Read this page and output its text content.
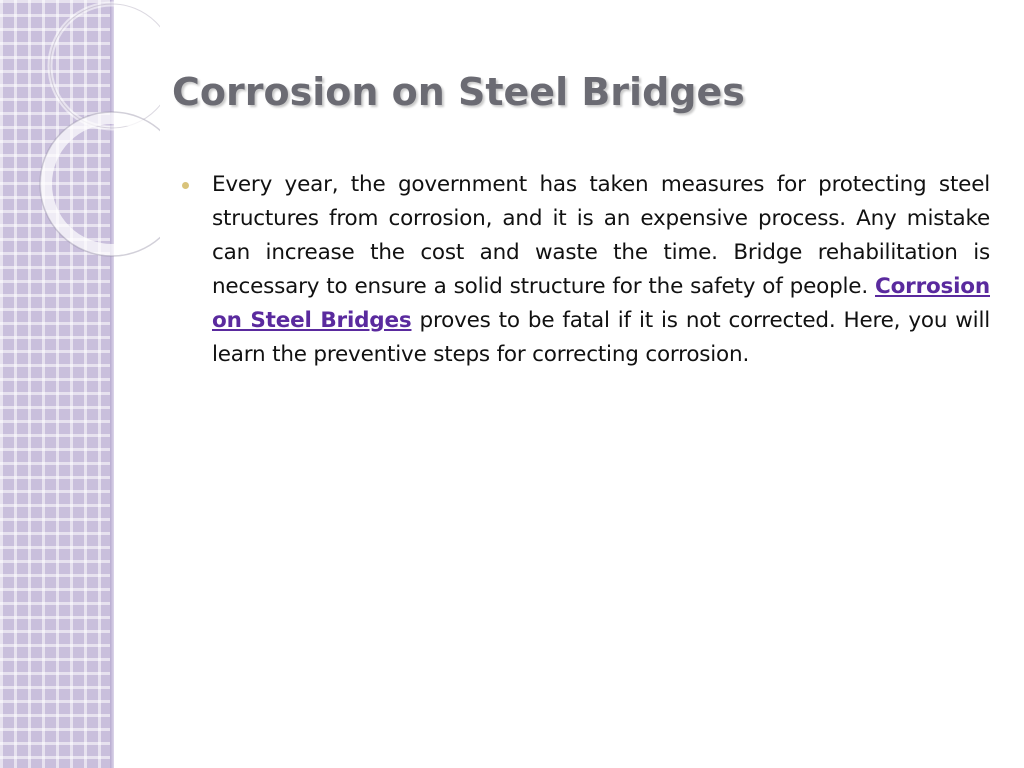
Corrosion on Steel Bridges
Every year, the government has taken measures for protecting steel structures from corrosion, and it is an expensive process. Any mistake can increase the cost and waste the time. Bridge rehabilitation is necessary to ensure a solid structure for the safety of people. Corrosion on Steel Bridges proves to be fatal if it is not corrected. Here, you will learn the preventive steps for correcting corrosion.
